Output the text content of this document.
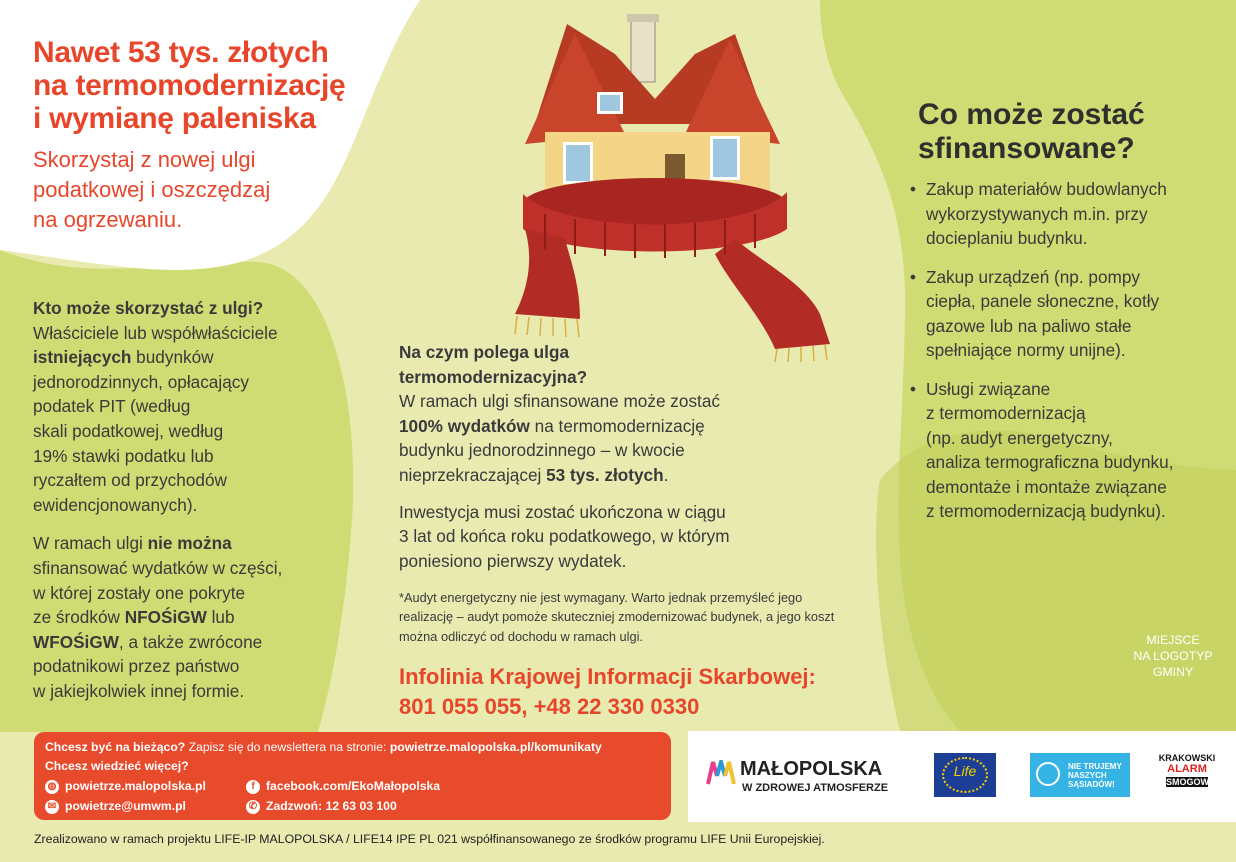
Nawet 53 tys. złotych
na termomodernizację
i wymianę paleniska
Skorzystaj z nowej ulgi
podatkowej i oszczędzaj
na ogrzewaniu.
Kto może skorzystać z ulgi?
Właściciele lub współwłaściciele
istniejących budynków
jednorodzinnych, opłacający
podatek PIT (według
skali podatkowej, według
19% stawki podatku lub
ryczałtem od przychodów
ewidencjonowanych).
W ramach ulgi nie można
sfinansować wydatków w części,
w której zostały one pokryte
ze środków NFOŚiGW lub
WFOŚiGW, a także zwrócone
podatnikowi przez państwo
w jakiejkolwiek innej formie.
Na czym polega ulga
termomodernizacyjna?
W ramach ulgi sfinansowane może zostać
100% wydatków na termomodernizację
budynku jednorodzinnego – w kwocie
nieprzekraczającej 53 tys. złotych.
Inwestycja musi zostać ukończona w ciągu
3 lat od końca roku podatkowego, w którym
poniesiono pierwszy wydatek.
*Audyt energetyczny nie jest wymagany. Warto jednak przemyśleć jego
realizację – audyt pomoże skuteczniej zmodernizować budynek, a jego koszt
można odliczyć od dochodu w ramach ulgi.
Infolinia Krajowej Informacji Skarbowej:
801 055 055, +48 22 330 0330
Co może zostać
sfinansowane?
• Zakup materiałów budowlanych
wykorzystywanych m.in. przy
docieplaniu budynku.
• Zakup urządzeń (np. pompy
ciepła, panele słoneczne, kotły
gazowe lub na paliwo stałe
spełniające normy unijne).
• Usługi związane
z termomodernizacją
(np. audyt energetyczny,
analiza termograficzna budynku,
demontaże i montaże związane
z termomodernizacją budynku).
MIEJSCE
NA LOGOTYP
GMINY
Chcesz być na bieżąco? Zapisz się do newslettera na stronie: powietrze.malopolska.pl/komunikaty
Chcesz wiedzieć więcej?
◍ powietrze.malopolska.pl
✉ powietrze@umwm.pl
f facebook.com/EkoMałopolska
✆ Zadzwoń: 12 63 03 100
MAŁOPOLSKA
W ZDROWEJ ATMOSFERZE
Life	NIE TRUJEMY
NASZYCH
SĄSIADÓW!
KRAKOWSKI
ALARM
SMOGOWY
Zrealizowano w ramach projektu LIFE-IP MALOPOLSKA / LIFE14 IPE PL 021 współfinansowanego ze środków programu LIFE Unii Europejskiej.
